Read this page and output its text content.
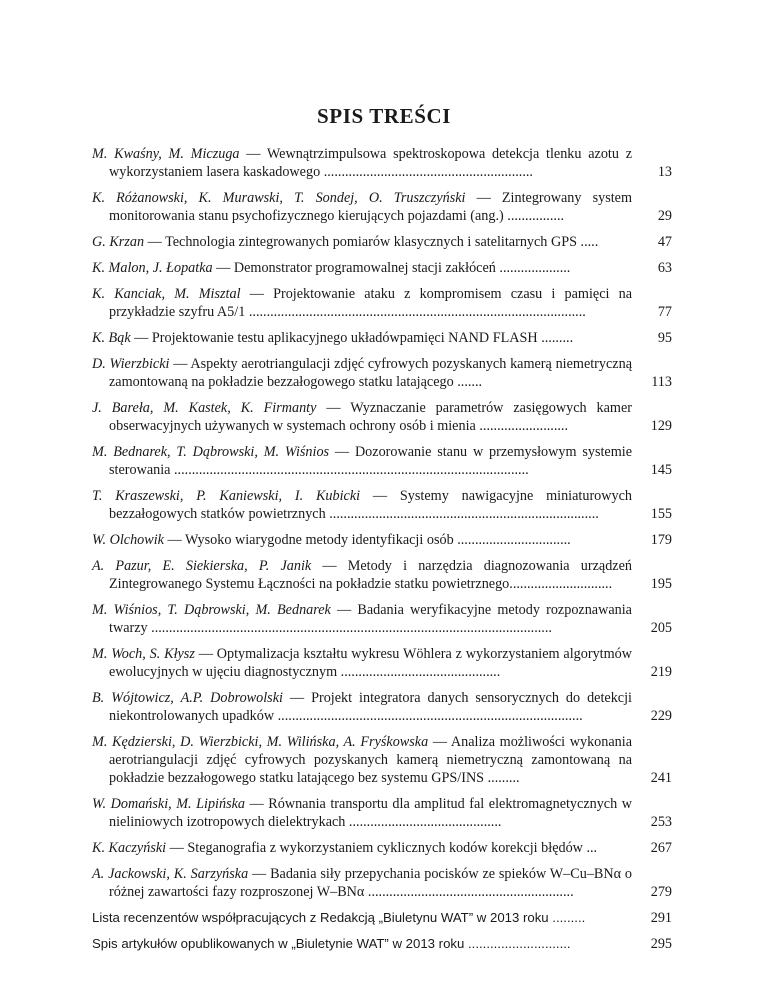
SPIS TREŚCI
M. Kwaśny, M. Miczuga — Wewnątrzimpulsowa spektroskopowa detekcja tlenku azotu z wykorzystaniem lasera kaskadowego ...........................................................	13
K. Różanowski, K. Murawski, T. Sondej, O. Truszczyński — Zintegrowany system monitorowania stanu psychofizycznego kierujących pojazdami (ang.) ................	29
G. Krzan — Technologia zintegrowanych pomiarów klasycznych i satelitarnych GPS .....	47
K. Malon, J. Łopatka — Demonstrator programowalnej stacji zakłóceń ....................	63
K. Kanciak, M. Misztal — Projektowanie ataku z kompromisem czasu i pamięci na przykładzie szyfru A5/1 ...............................................................................................	77
K. Bąk — Projektowanie testu aplikacyjnego układówpamięci NAND FLASH .........	95
D. Wierzbicki — Aspekty aerotriangulacji zdjęć cyfrowych pozyskanych kamerą niemetryczną zamontowaną na pokładzie bezzałogowego statku latającego .......	113
J. Bareła, M. Kastek, K. Firmanty — Wyznaczanie parametrów zasięgowych kamer obserwacyjnych używanych w systemach ochrony osób i mienia .........................	129
M. Bednarek, T. Dąbrowski, M. Wiśnios — Dozorowanie stanu w przemysłowym systemie sterowania ....................................................................................................	145
T. Kraszewski, P. Kaniewski, I. Kubicki — Systemy nawigacyjne miniaturowych bezzałogowych statków powietrznych ............................................................................	155
W. Olchowik — Wysoko wiarygodne metody identyfikacji osób ................................	179
A. Pazur, E. Siekierska, P. Janik — Metody i narzędzia diagnozowania urządzeń Zintegrowanego Systemu Łączności na pokładzie statku powietrznego.............................	195
M. Wiśnios, T. Dąbrowski, M. Bednarek — Badania weryfikacyjne metody rozpoznawania twarzy .................................................................................................................	205
M. Woch, S. Kłysz — Optymalizacja kształtu wykresu Wöhlera z wykorzystaniem algorytmów ewolucyjnych w ujęciu diagnostycznym .............................................	219
B. Wójtowicz, A.P. Dobrowolski — Projekt integratora danych sensorycznych do detekcji niekontrolowanych upadków ......................................................................................	229
M. Kędzierski, D. Wierzbicki, M. Wilińska, A. Fryśkowska — Analiza możliwości wykonania aerotriangulacji zdjęć cyfrowych pozyskanych kamerą niemetryczną zamontowaną na pokładzie bezzałogowego statku latającego bez systemu GPS/INS .........	241
W. Domański, M. Lipińska — Równania transportu dla amplitud fal elektromagnetycznych w nieliniowych izotropowych dielektrykach ...........................................	253
K. Kaczyński — Steganografia z wykorzystaniem cyklicznych kodów korekcji błędów ...	267
A. Jackowski, K. Sarzyńska — Badania siły przepychania pocisków ze spieków W–Cu–BNα o różnej zawartości fazy rozproszonej W–BNα ..........................................................	279
Lista recenzentów współpracujących z Redakcją „Biuletynu WAT” w 2013 roku .........	291
Spis artykułów opublikowanych w „Biuletynie WAT” w 2013 roku ............................	295
